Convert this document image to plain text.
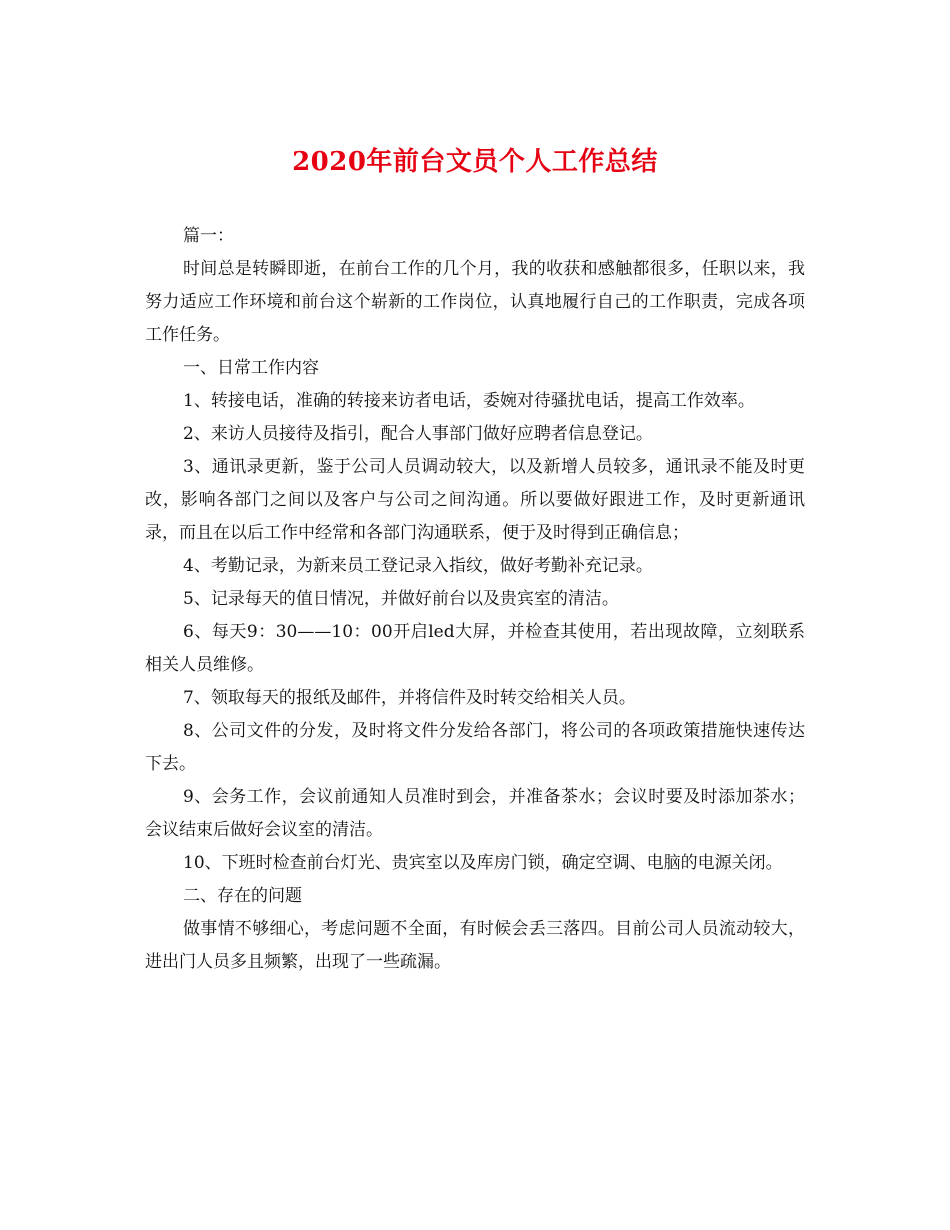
2020年前台文员个人工作总结

篇一：

时间总是转瞬即逝，在前台工作的几个月，我的收获和感触都很多，任职以来，我努力适应工作环境和前台这个崭新的工作岗位，认真地履行自己的工作职责，完成各项工作任务。

一、日常工作内容

1、转接电话，准确的转接来访者电话，委婉对待骚扰电话，提高工作效率。

2、来访人员接待及指引，配合人事部门做好应聘者信息登记。

3、通讯录更新，鉴于公司人员调动较大，以及新增人员较多，通讯录不能及时更改，影响各部门之间以及客户与公司之间沟通。所以要做好跟进工作，及时更新通讯录，而且在以后工作中经常和各部门沟通联系，便于及时得到正确信息；

4、考勤记录，为新来员工登记录入指纹，做好考勤补充记录。

5、记录每天的值日情况，并做好前台以及贵宾室的清洁。

6、每天9：30——10：00开启led大屏，并检查其使用，若出现故障，立刻联系相关人员维修。

7、领取每天的报纸及邮件，并将信件及时转交给相关人员。

8、公司文件的分发，及时将文件分发给各部门，将公司的各项政策措施快速传达下去。

9、会务工作，会议前通知人员准时到会，并准备茶水；会议时要及时添加茶水；会议结束后做好会议室的清洁。

10、下班时检查前台灯光、贵宾室以及库房门锁，确定空调、电脑的电源关闭。

二、存在的问题

做事情不够细心，考虑问题不全面，有时候会丢三落四。目前公司人员流动较大，进出门人员多且频繁，出现了一些疏漏。
